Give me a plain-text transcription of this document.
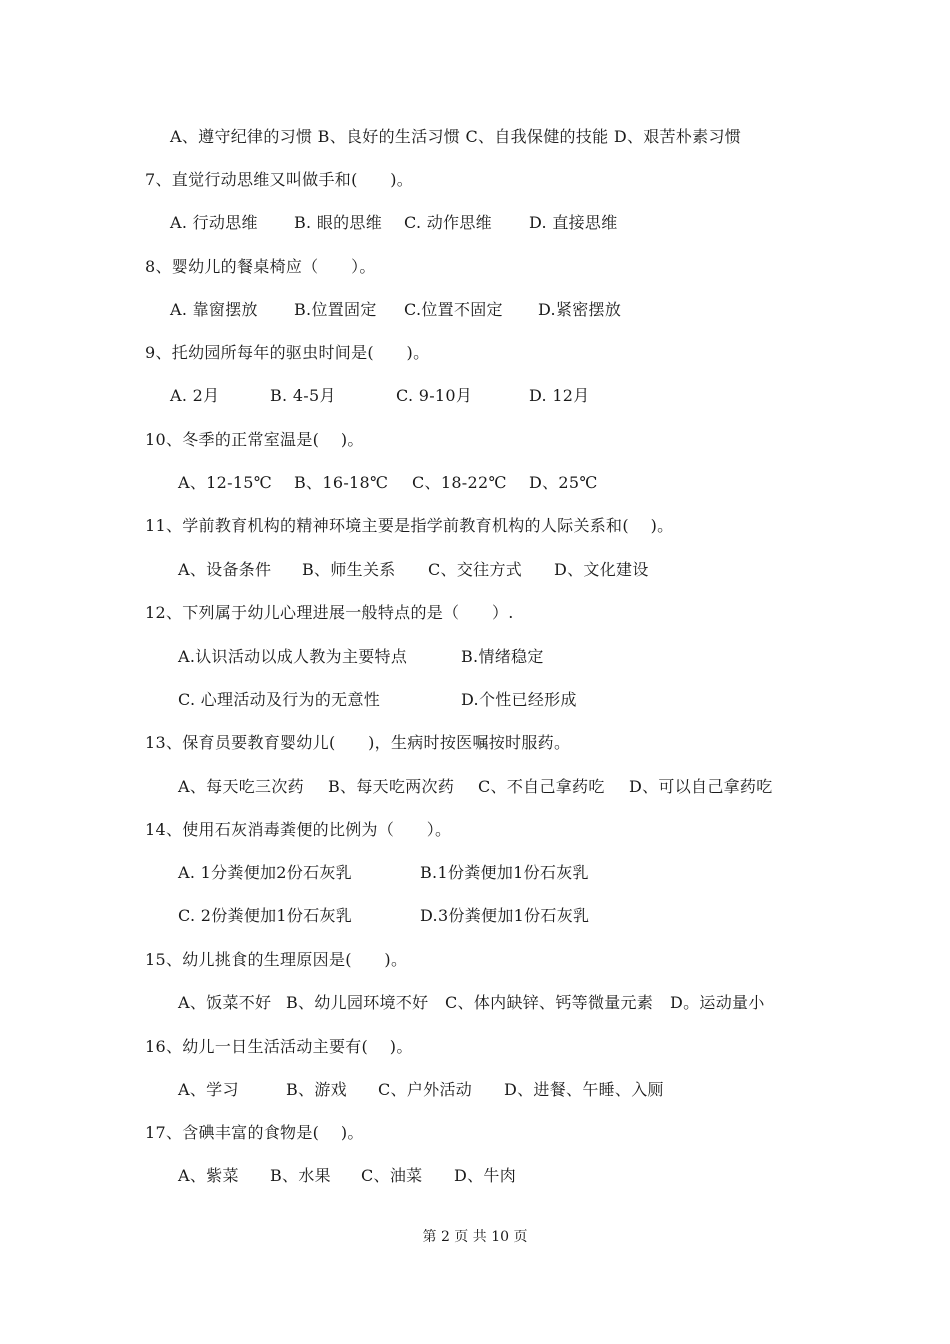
A、遵守纪律的习惯 B、良好的生活习惯 C、自我保健的技能 D、艰苦朴素习惯
7、直觉行动思维又叫做手和(　　)。
A. 行动思维 B. 眼的思维 C. 动作思维 D. 直接思维
8、婴幼儿的餐桌椅应（　　）。
A. 靠窗摆放 B.位置固定 C.位置不固定 D.紧密摆放
9、托幼园所每年的驱虫时间是(　　)。
A. 2月	B. 4-5月	C. 9-10月	D. 12月
10、冬季的正常室温是(　 )。
A、12-15℃ B、16-18℃ C、18-22℃ D、25℃
11、学前教育机构的精神环境主要是指学前教育机构的人际关系和(　 )。
A、设备条件 B、师生关系 C、交往方式 D、文化建设
12、下列属于幼儿心理进展一般特点的是（　　）.
A.认识活动以成人教为主要特点	B.情绪稳定
C. 心理活动及行为的无意性	D.个性已经形成
13、保育员要教育婴幼儿(　　)，生病时按医嘱按时服药。
A、每天吃三次药 B、每天吃两次药 C、不自己拿药吃 D、可以自己拿药吃
14、使用石灰消毒粪便的比例为（　　）。
A. 1分粪便加2份石灰乳	B.1份粪便加1份石灰乳
C. 2份粪便加1份石灰乳	D.3份粪便加1份石灰乳
15、幼儿挑食的生理原因是(　　)。
A、饭菜不好 B、幼儿园环境不好 C、体内缺锌、钙等微量元素 D。运动量小
16、幼儿一日生活活动主要有(　 )。
A、学习	B、游戏 C、户外活动 D、进餐、午睡、入厕
17、含碘丰富的食物是(　 )。
A、紫菜 B、水果 C、油菜 D、牛肉
第 2 页 共 10 页
